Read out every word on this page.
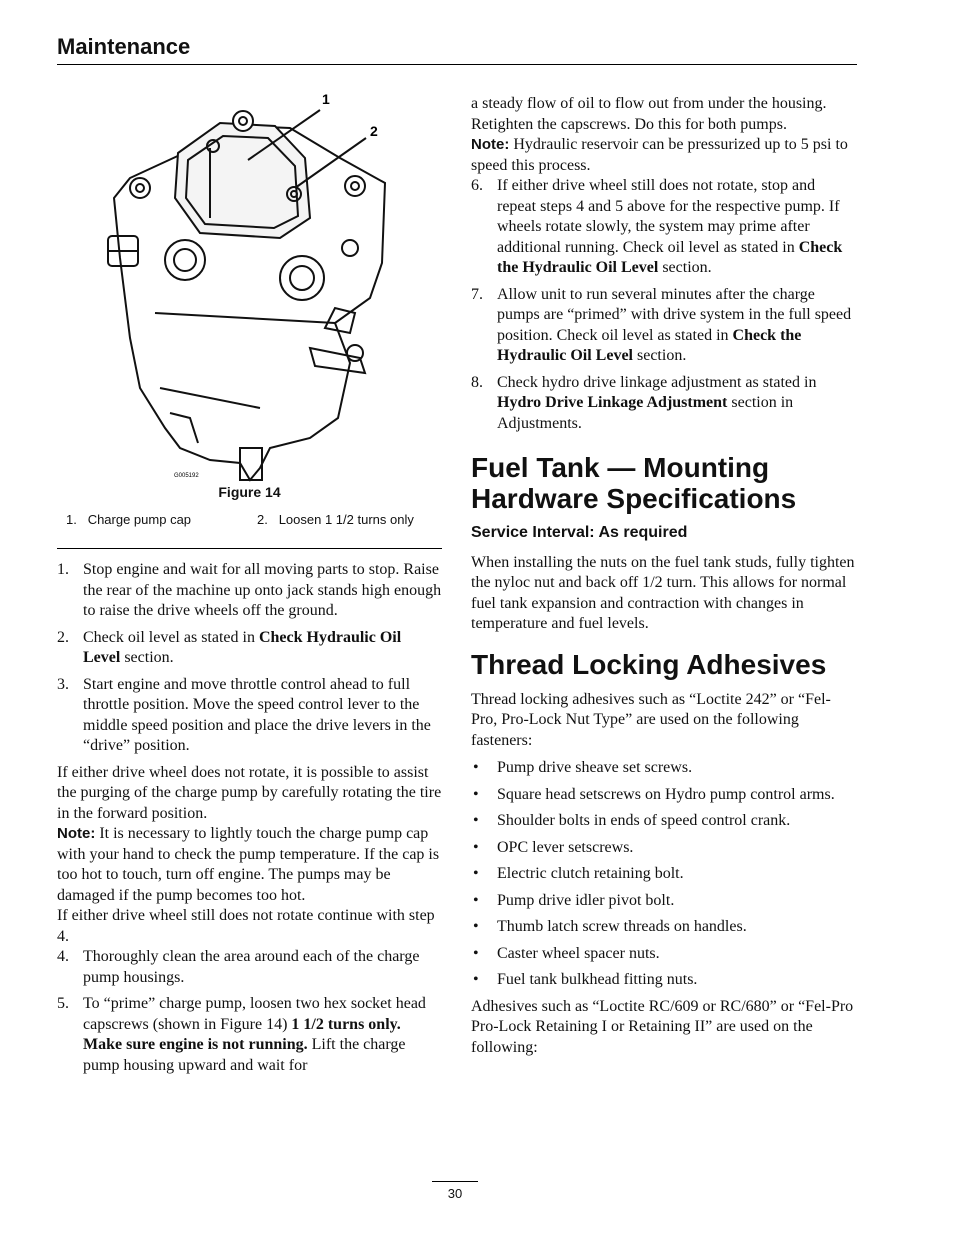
Maintenance
1
2
G005192
Figure 14
1. Charge pump cap	2. Loosen 1 1/2 turns only
1. Stop engine and wait for all moving parts to stop. Raise the rear of the machine up onto jack stands high enough to raise the drive wheels off the ground.

2. Check oil level as stated in Check Hydraulic Oil Level section.

3. Start engine and move throttle control ahead to full throttle position. Move the speed control lever to the middle speed position and place the drive levers in the “drive” position.

If either drive wheel does not rotate, it is possible to assist the purging of the charge pump by carefully rotating the tire in the forward position.

Note: It is necessary to lightly touch the charge pump cap with your hand to check the pump temperature. If the cap is too hot to touch, turn off engine. The pumps may be damaged if the pump becomes too hot.

If either drive wheel still does not rotate continue with step 4.

4. Thoroughly clean the area around each of the charge pump housings.

5. To “prime” charge pump, loosen two hex socket head capscrews (shown in Figure 14) 1 1/2 turns only. Make sure engine is not running. Lift the charge pump housing upward and wait for

a steady flow of oil to flow out from under the housing. Retighten the capscrews. Do this for both pumps.

Note: Hydraulic reservoir can be pressurized up to 5 psi to speed this process.

6. If either drive wheel still does not rotate, stop and repeat steps 4 and 5 above for the respective pump. If wheels rotate slowly, the system may prime after additional running. Check oil level as stated in Check the Hydraulic Oil Level section.

7. Allow unit to run several minutes after the charge pumps are “primed” with drive system in the full speed position. Check oil level as stated in Check the Hydraulic Oil Level section.

8. Check hydro drive linkage adjustment as stated in Hydro Drive Linkage Adjustment section in Adjustments.

Fuel Tank — Mounting Hardware Specifications

Service Interval: As required

When installing the nuts on the fuel tank studs, fully tighten the nyloc nut and back off 1/2 turn. This allows for normal fuel tank expansion and contraction with changes in temperature and fuel levels.

Thread Locking Adhesives

Thread locking adhesives such as “Loctite 242” or “Fel-Pro, Pro-Lock Nut Type” are used on the following fasteners:

• Pump drive sheave set screws.
• Square head setscrews on Hydro pump control arms.
• Shoulder bolts in ends of speed control crank.
• OPC lever setscrews.
• Electric clutch retaining bolt.
• Pump drive idler pivot bolt.
• Thumb latch screw threads on handles.
• Caster wheel spacer nuts.
• Fuel tank bulkhead fitting nuts.

Adhesives such as “Loctite RC/609 or RC/680” or “Fel-Pro Pro-Lock Retaining I or Retaining II” are used on the following:

30
